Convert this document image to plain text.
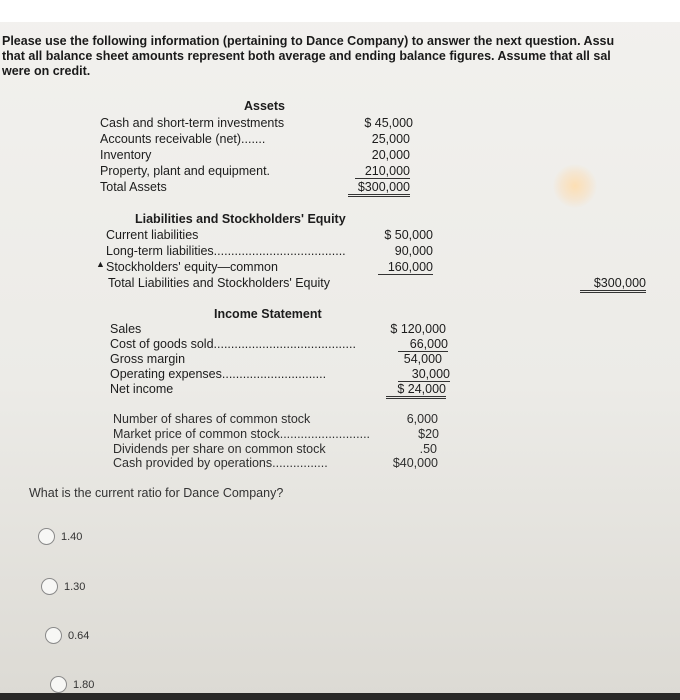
Please use the following information (pertaining to Dance Company) to answer the next question. Assu
that all balance sheet amounts represent both average and ending balance figures. Assume that all sal
were on credit.
Assets
Cash and short-term investments	$ 45,000
Accounts receivable (net).......	25,000
Inventory	20,000
Property, plant and equipment.	210,000
Total Assets	$300,000
Liabilities and Stockholders' Equity
Current liabilities	$ 50,000
Long-term liabilities......................................	90,000
▲ Stockholders' equity—common	160,000
Total Liabilities and Stockholders' Equity	$300,000
Income Statement
Sales	$ 120,000
Cost of goods sold.........................................	66,000
Gross margin	54,000
Operating expenses..............................	30,000
Net income	$ 24,000
Number of shares of common stock	6,000
Market price of common stock..........................	$20
Dividends per share on common stock	.50
Cash provided by operations................	$40,000
What is the current ratio for Dance Company?
1.40
1.30
0.64
1.80
